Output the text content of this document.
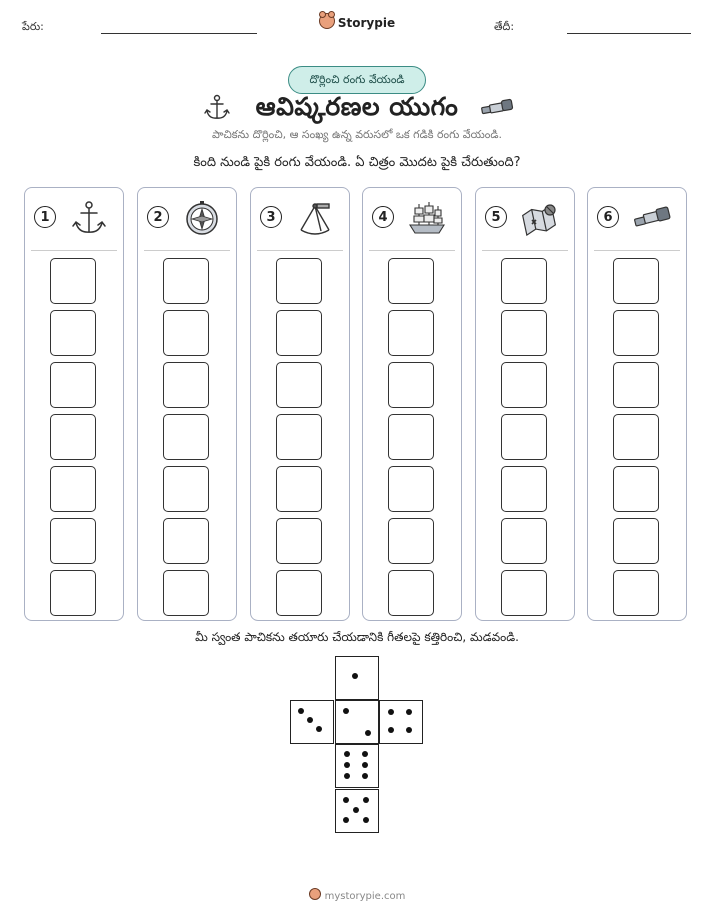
పేరు:	Storypie	తేదీ:
దొర్లించి రంగు వేయండి
ఆవిష్కరణల యుగం
పాచికను దొర్లించి, ఆ సంఖ్య ఉన్న వరుసలో ఒక గడికి రంగు వేయండి.
కింది నుండి పైకి రంగు వేయండి. ఏ చిత్రం మొదట పైకి చేరుతుంది?
1	2	3	4	5	6
మీ స్వంత పాచికను తయారు చేయడానికి గీతలపై కత్తిరించి, మడవండి.
mystorypie.com
